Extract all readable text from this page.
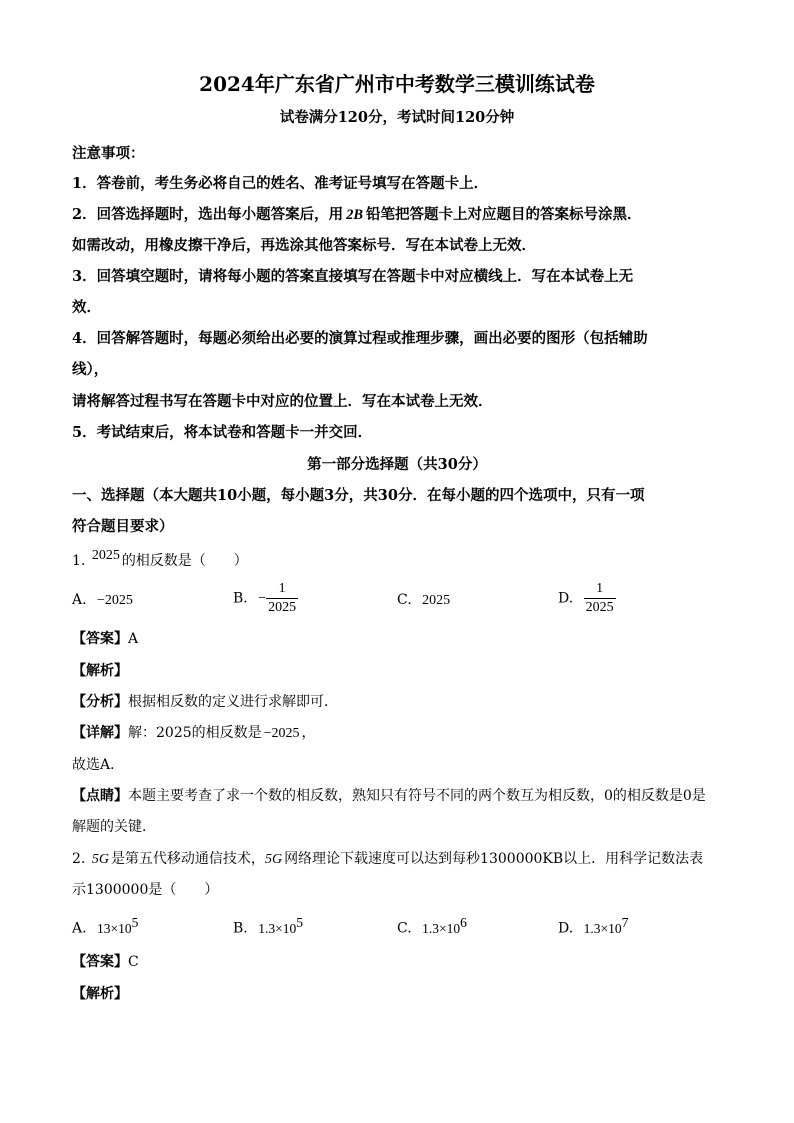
2024年广东省广州市中考数学三模训练试卷
试卷满分120分，考试时间120分钟
注意事项：
1．答卷前，考生务必将自己的姓名、准考证号填写在答题卡上．
2．回答选择题时，选出每小题答案后，用 2B 铅笔把答题卡上对应题目的答案标号涂黑．
如需改动，用橡皮擦干净后，再选涂其他答案标号．写在本试卷上无效．
3．回答填空题时，请将每小题的答案直接填写在答题卡中对应横线上．写在本试卷上无
效．
4．回答解答题时，每题必须给出必要的演算过程或推理步骤，画出必要的图形（包括辅助
线），
请将解答过程书写在答题卡中对应的位置上．写在本试卷上无效．
5．考试结束后，将本试卷和答题卡一并交回．
第一部分选择题（共30分）
一、选择题（本大题共10小题，每小题3分，共30分．在每小题的四个选项中，只有一项
符合题目要求）
1. 2025 的相反数是（　　）
A. −2025	B. − $\frac{1}{2025}$	C. 2025	D. $\frac{1}{2025}$
【答案】A
【解析】
【分析】根据相反数的定义进行求解即可．
【详解】解：2025的相反数是 −2025 ，
故选A．
【点睛】本题主要考查了求一个数的相反数，熟知只有符号不同的两个数互为相反数，0的相反数是0是
解题的关键．
2. 5G 是第五代移动通信技术，5G 网络理论下载速度可以达到每秒1300000KB以上．用科学记数法表
示1300000是（　　）
A. $13\times 10^5$	B. $1.3\times 10^5$	C. $1.3\times 10^6$	D. $1.3\times 10^7$
【答案】C
【解析】
